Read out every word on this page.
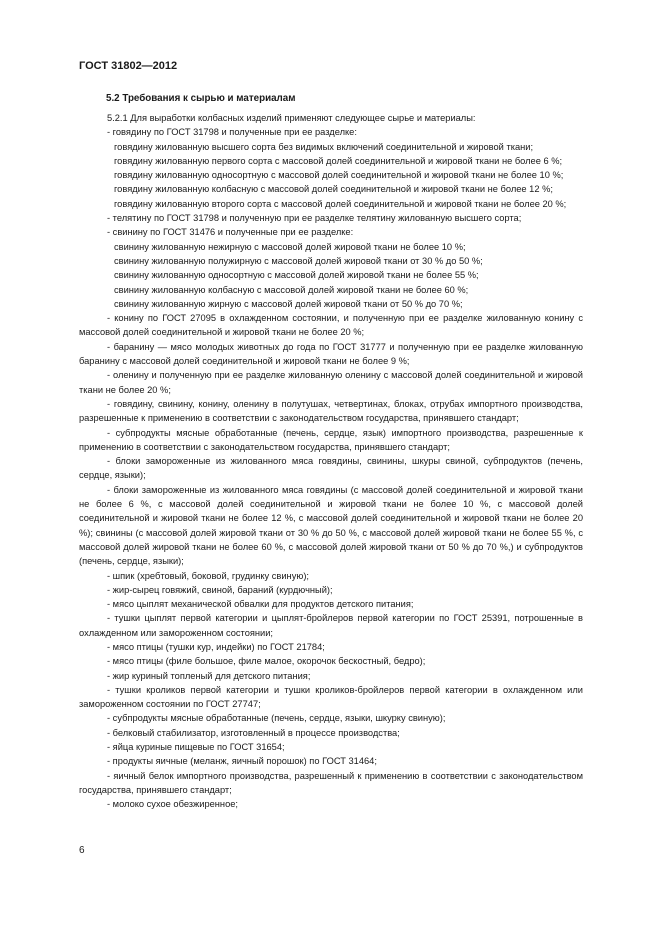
ГОСТ 31802—2012
5.2 Требования к сырью и материалам

5.2.1 Для выработки колбасных изделий применяют следующее сырье и материалы:

- говядину по ГОСТ 31798 и полученные при ее разделке:

говядину жилованную высшего сорта без видимых включений соединительной и жировой ткани;

говядину жилованную первого сорта с массовой долей соединительной и жировой ткани не более 6 %;

говядину жилованную односортную с массовой долей соединительной и жировой ткани не более 10 %;

говядину жилованную колбасную с массовой долей соединительной и жировой ткани не более 12 %;

говядину жилованную второго сорта с массовой долей соединительной и жировой ткани не более 20 %;

- телятину по ГОСТ 31798 и полученную при ее разделке телятину жилованную высшего сорта;

- свинину по ГОСТ 31476 и полученные при ее разделке:

свинину жилованную нежирную с массовой долей жировой ткани не более 10 %;

свинину жилованную полужирную с массовой долей жировой ткани от 30 % до 50 %;

свинину жилованную односортную с массовой долей жировой ткани не более 55 %;

свинину жилованную колбасную с массовой долей жировой ткани не более 60 %;

свинину жилованную жирную с массовой долей жировой ткани от 50 % до 70 %;

- конину по ГОСТ 27095 в охлажденном состоянии, и полученную при ее разделке жилованную конину с массовой долей соединительной и жировой ткани не более 20 %;

- баранину — мясо молодых животных до года по ГОСТ 31777 и полученную при ее разделке жилованную баранину с массовой долей соединительной и жировой ткани не более 9 %;

- оленину и полученную при ее разделке жилованную оленину с массовой долей соединительной и жировой ткани не более 20 %;

- говядину, свинину, конину, оленину в полутушах, четвертинах, блоках, отрубах импортного производства, разрешенные к применению в соответствии с законодательством государства, принявшего стандарт;

- субпродукты мясные обработанные (печень, сердце, язык) импортного производства, разрешенные к применению в соответствии с законодательством государства, принявшего стандарт;

- блоки замороженные из жилованного мяса говядины, свинины, шкуры свиной, субпродуктов (печень, сердце, языки);

- блоки замороженные из жилованного мяса говядины (с массовой долей соединительной и жировой ткани не более 6 %, с массовой долей соединительной и жировой ткани не более 10 %, с массовой долей соединительной и жировой ткани не более 12 %, с массовой долей соединительной и жировой ткани не более 20 %); свинины (с массовой долей жировой ткани от 30 % до 50 %, с массовой долей жировой ткани не более 55 %, с массовой долей жировой ткани не более 60 %, с массовой долей жировой ткани от 50 % до 70 %,) и субпродуктов (печень, сердце, языки);

- шпик (хребтовый, боковой, грудинку свиную);

- жир-сырец говяжий, свиной, бараний (курдючный);

- мясо цыплят механической обвалки для продуктов детского питания;

- тушки цыплят первой категории и цыплят-бройлеров первой категории по ГОСТ 25391, потрошенные в охлажденном или замороженном состоянии;

- мясо птицы (тушки кур, индейки) по ГОСТ 21784;

- мясо птицы (филе большое, филе малое, окорочок бескостный, бедро);

- жир куриный топленый для детского питания;

- тушки кроликов первой категории и тушки кроликов-бройлеров первой категории в охлажденном или замороженном состоянии по ГОСТ 27747;

- субпродукты мясные обработанные (печень, сердце, языки, шкурку свиную);

- белковый стабилизатор, изготовленный в процессе производства;

- яйца куриные пищевые по ГОСТ 31654;

- продукты яичные (меланж, яичный порошок) по ГОСТ 31464;

- яичный белок импортного производства, разрешенный к применению в соответствии с законодательством государства, принявшего стандарт;

- молоко сухое обезжиренное;

6
